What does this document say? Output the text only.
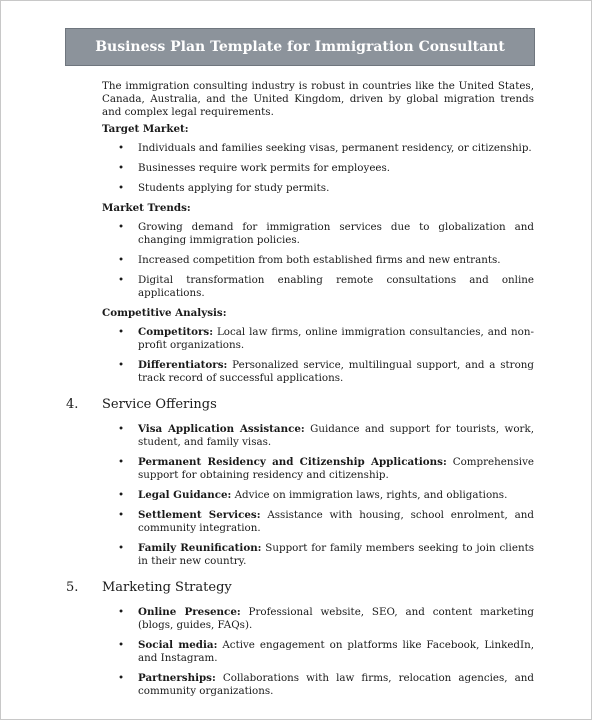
Business Plan Template for Immigration Consultant

The immigration consulting industry is robust in countries like the United States, Canada, Australia, and the United Kingdom, driven by global migration trends and complex legal requirements.

Target Market:
• Individuals and families seeking visas, permanent residency, or citizenship.
• Businesses require work permits for employees.
• Students applying for study permits.
Market Trends:
• Growing demand for immigration services due to globalization and changing immigration policies.
• Increased competition from both established firms and new entrants.
• Digital transformation enabling remote consultations and online applications.
Competitive Analysis:
• Competitors: Local law firms, online immigration consultancies, and non-profit organizations.
• Differentiators: Personalized service, multilingual support, and a strong track record of successful applications.
4. Service Offerings
• Visa Application Assistance: Guidance and support for tourists, work, student, and family visas.
• Permanent Residency and Citizenship Applications: Comprehensive support for obtaining residency and citizenship.
• Legal Guidance: Advice on immigration laws, rights, and obligations.
• Settlement Services: Assistance with housing, school enrolment, and community integration.
• Family Reunification: Support for family members seeking to join clients in their new country.
5. Marketing Strategy
• Online Presence: Professional website, SEO, and content marketing (blogs, guides, FAQs).
• Social media: Active engagement on platforms like Facebook, LinkedIn, and Instagram.
• Partnerships: Collaborations with law firms, relocation agencies, and community organizations.
